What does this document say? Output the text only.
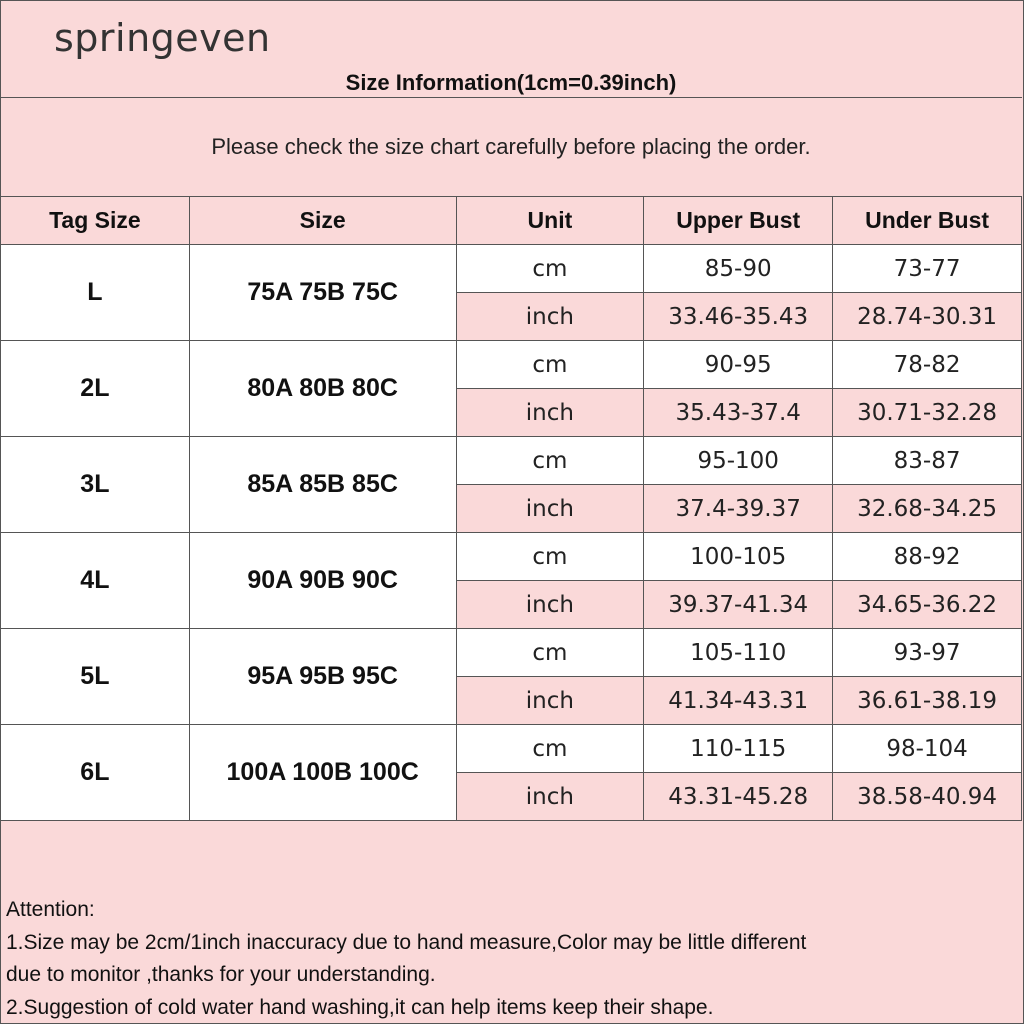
springeven
Size Information(1cm=0.39inch)
Please check the size chart carefully before placing the order.
Tag Size	Size	Unit	Upper Bust	Under Bust
L	75A 75B 75C	cm	85-90	73-77
		inch	33.46-35.43	28.74-30.31
2L	80A 80B 80C	cm	90-95	78-82
		inch	35.43-37.4	30.71-32.28
3L	85A 85B 85C	cm	95-100	83-87
		inch	37.4-39.37	32.68-34.25
4L	90A 90B 90C	cm	100-105	88-92
		inch	39.37-41.34	34.65-36.22
5L	95A 95B 95C	cm	105-110	93-97
		inch	41.34-43.31	36.61-38.19
6L	100A 100B 100C	cm	110-115	98-104
		inch	43.31-45.28	38.58-40.94
Attention:
1.Size may be 2cm/1inch inaccuracy due to hand measure,Color may be little different
due to monitor ,thanks for your understanding.
2.Suggestion of cold water hand washing,it can help items keep their shape.
